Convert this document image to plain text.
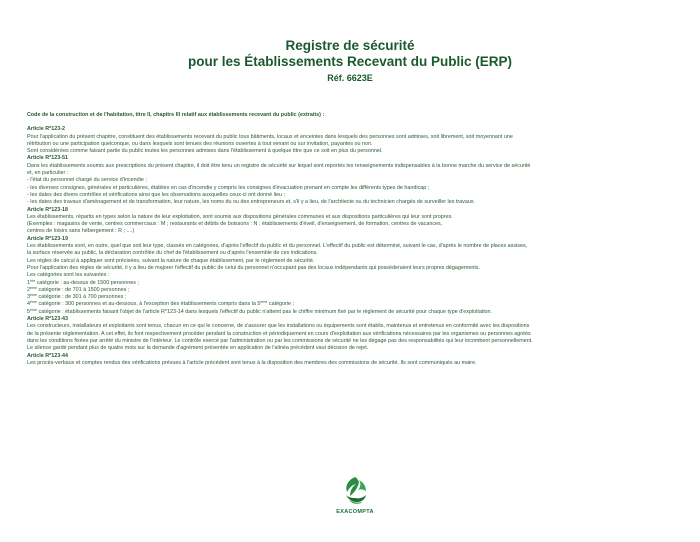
Registre de sécurité
pour les Établissements Recevant du Public (ERP)
Réf. 6623E
Code de la construction et de l'habitation, titre II, chapitre III relatif aux établissements recevant du public (extraits) :
Article R*123-2
Pour l'application du présent chapitre, constituent des établissements recevant du public tous bâtiments, locaux et enceintes dans lesquels des personnes sont admises, soit librement, soit moyennant une
rétribution ou une participation quelconque, ou dans lesquels sont tenues des réunions ouvertes à tout venant ou sur invitation, payantes ou non.
Sont considérées comme faisant partie du public toutes les personnes admises dans l'établissement à quelque titre que ce soit en plus du personnel.
Article R*123-51
Dans les établissements soumis aux prescriptions du présent chapitre, il doit être tenu un registre de sécurité sur lequel sont reportés les renseignements indispensables à la bonne marche du service de sécurité
et, en particulier :
- l'état du personnel chargé du service d'incendie ;
- les diverses consignes, générales et particulières, établies en cas d'incendie y compris les consignes d'évacuation prenant en compte les différents types de handicap ;
- les dates des divers contrôles et vérifications ainsi que les observations auxquelles ceux-ci ont donné lieu ;
- les dates des travaux d'aménagement et de transformation, leur nature, les noms du ou des entrepreneurs et, s'il y a lieu, de l'architecte ou du technicien chargés de surveiller les travaux.
Article R*123-18
Les établissements, répartis en types selon la nature de leur exploitation, sont soumis aux dispositions générales communes et aux dispositions particulières qui leur sont propres.
(Exemples : magasins de vente, centres commerciaux : M ; restaurants et débits de boissons : N ; établissements d'éveil, d'enseignement, de formation, centres de vacances,
centres de loisirs sans hébergement : R ; ....)
Article R*123-19
Les établissements sont, en outre, quel que soit leur type, classés en catégories, d'après l'effectif du public et du personnel. L'effectif du public est déterminé, suivant le cas, d'après le nombre de places assises,
la surface réservée au public, la déclaration contrôlée du chef de l'établissement ou d'après l'ensemble de ces indications.
Les règles de calcul à appliquer sont précisées, suivant la nature de chaque établissement, par le règlement de sécurité.
Pour l'application des règles de sécurité, il y a lieu de majorer l'effectif du public de celui du personnel n'occupant pas des locaux indépendants qui possèderaient leurs propres dégagements.
Les catégories sont les suivantes :
1ère catégorie : au-dessus de 1500 personnes ;
2ème catégorie : de 701 à 1500 personnes ;
3ème catégorie : de 301 à 700 personnes ;
4ème catégorie : 300 personnes et au-dessous, à l'exception des établissements compris dans la 5ème catégorie ;
5ème catégorie : établissements faisant l'objet de l'article R*123-14 dans lesquels l'effectif du public n'atteint pas le chiffre minimum fixé par le règlement de sécurité pour chaque type d'exploitation.
Article R*123-43
Les constructeurs, installateurs et exploitants sont tenus, chacun en ce qui le concerne, de s'assurer que les installations ou équipements sont établis, maintenus et entretenus en conformité avec les dispositions
de la présente réglementation. A cet effet, ils font respectivement procéder pendant la construction et périodiquement en cours d'exploitation aux vérifications nécessaires par les organismes ou personnes agréés
dans les conditions fixées par arrêté du ministre de l'intérieur. Le contrôle exercé par l'administration ou par les commissions de sécurité ne les dégage pas des responsabilités qui leur incombent personnellement.
Le silence gardé pendant plus de quatre mois sur la demande d'agrément présentée en application de l'alinéa précédent vaut décision de rejet.
Article R*123-44
Les procès-verbaux et comptes rendus des vérifications prévues à l'article précédent sont tenus à la disposition des membres des commissions de sécurité. Ils sont communiqués au maire.
EXACOMPTA
